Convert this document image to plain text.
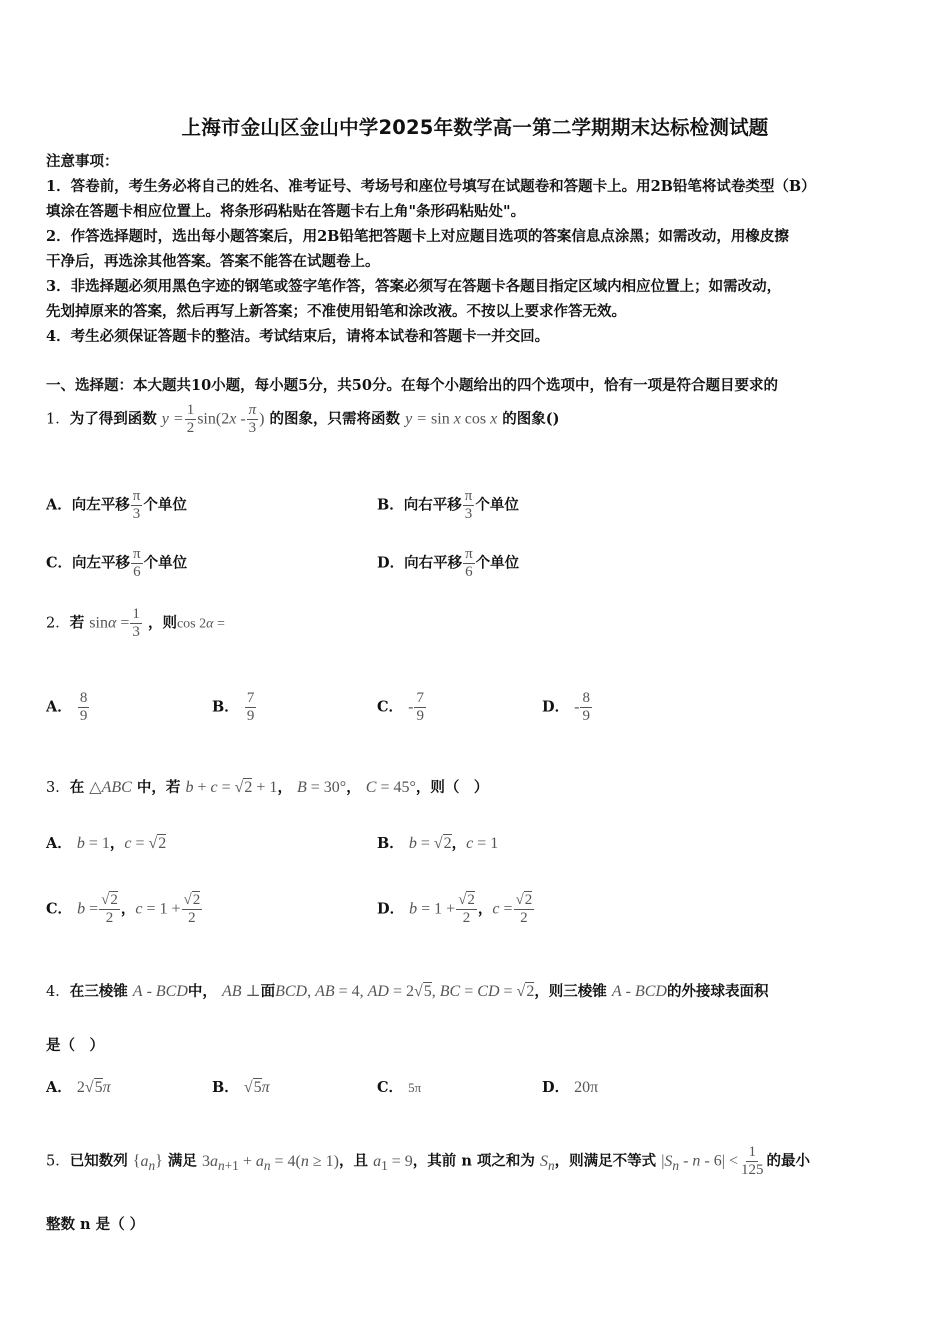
上海市金山区金山中学2025年数学高一第二学期期末达标检测试题
注意事项：
1．答卷前，考生务必将自己的姓名、准考证号、考场号和座位号填写在试题卷和答题卡上。用2B铅笔将试卷类型（B）
填涂在答题卡相应位置上。将条形码粘贴在答题卡右上角"条形码粘贴处"。
2．作答选择题时，选出每小题答案后，用2B铅笔把答题卡上对应题目选项的答案信息点涂黑；如需改动，用橡皮擦
干净后，再选涂其他答案。答案不能答在试题卷上。
3．非选择题必须用黑色字迹的钢笔或签字笔作答，答案必须写在答题卡各题目指定区域内相应位置上；如需改动，
先划掉原来的答案，然后再写上新答案；不准使用铅笔和涂改液。不按以上要求作答无效。
4．考生必须保证答题卡的整洁。考试结束后，请将本试卷和答题卡一并交回。
一、选择题：本大题共10小题，每小题5分，共50分。在每个小题给出的四个选项中，恰有一项是符合题目要求的
1．为了得到函数 $y = \frac{1}{2} \sin(2x - \frac{\pi}{3}$ ) 的图象，只需将函数 y = sin x cos x 的图象()
A．向左平移 $\frac{\pi}{3}$ 个单位	B．向右平移 $\frac{\pi}{3}$ 个单位
C．向左平移 $\frac{\pi}{6}$ 个单位	D．向右平移 $\frac{\pi}{6}$ 个单位
2．若 $\sin\alpha = \frac{1}{3}$ ，则cos 2α =
A． $\frac{8}{9}$	B． $\frac{7}{9}$	C． - $\frac{7}{9}$	D． - $\frac{8}{9}$
3．在 △ABC 中，若 b + c = √2 + 1， B = 30°， C = 45°，则（　）
A． b = 1，c = √2	B． b = √2，c = 1
C． $b = \frac{√2}{2}$ ，$c = 1 + \frac{√2}{2}$	D． $b = 1 + \frac{√2}{2}$ ，$c = \frac{√2}{2}$
4．在三棱锥 A - BCD中， AB ⊥面BCD, AB = 4, AD = 2√5, BC = CD = √2，则三棱锥 A - BCD的外接球表面积
是（　）
A． 2√5π	B． √5π	C． 5π	D． 20π
5．已知数列 $\{a_n\}$ 满足 $3a_{n+1} + a_n = 4(n \ge 1)$，且 $a_1 = 9$，其前 n 项之和为 $S_n$，则满足不等式 $|S_n - n - 6| < \frac{1}{125}$ 的最小
整数 n 是（ ）
